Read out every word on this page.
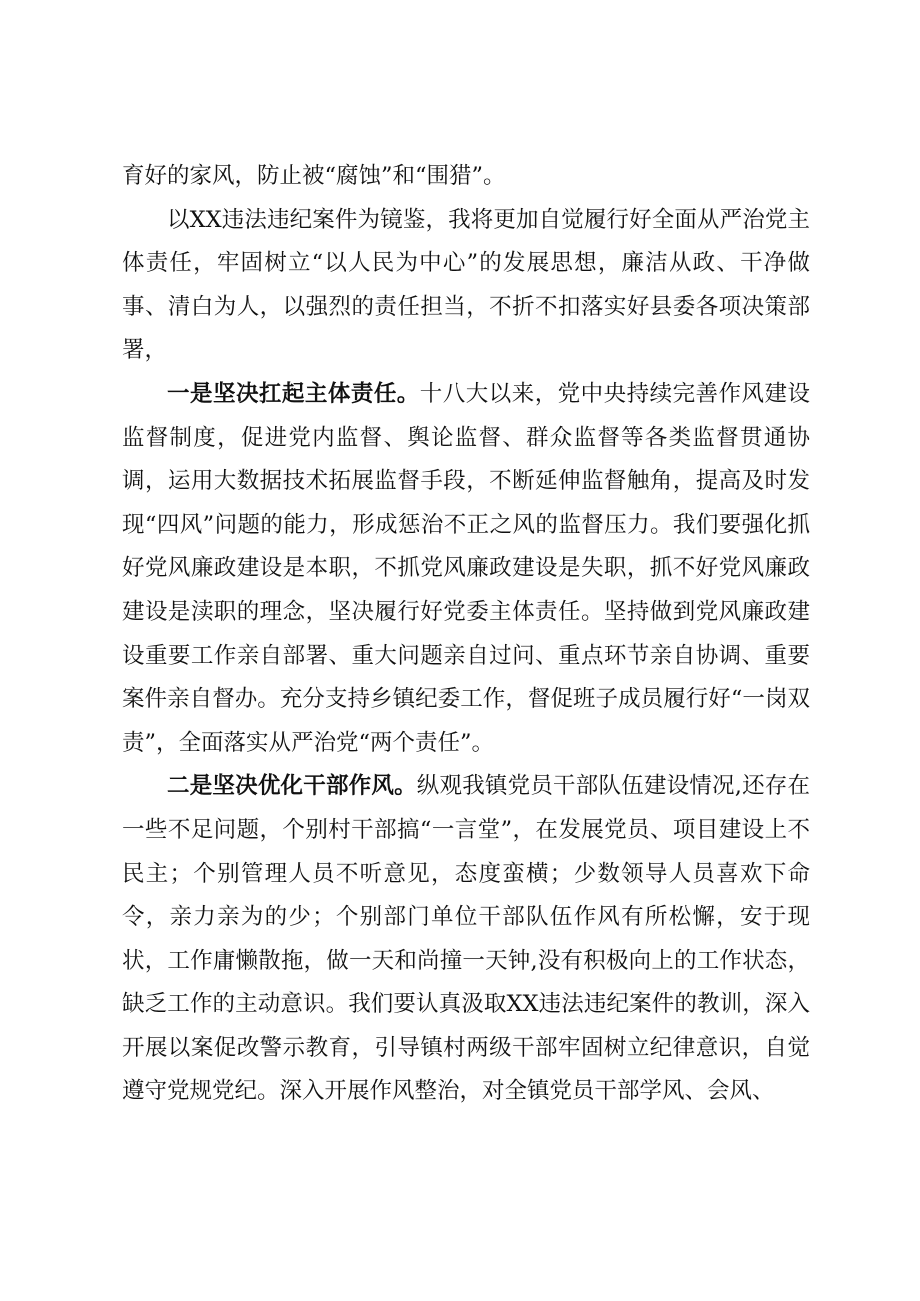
育好的家风，防止被“腐蚀”和“围猎”。

以XX违法违纪案件为镜鉴，我将更加自觉履行好全面从严治党主体责任，牢固树立“以人民为中心”的发展思想，廉洁从政、干净做事、清白为人，以强烈的责任担当，不折不扣落实好县委各项决策部署，

一是坚决扛起主体责任。十八大以来，党中央持续完善作风建设监督制度，促进党内监督、舆论监督、群众监督等各类监督贯通协调，运用大数据技术拓展监督手段，不断延伸监督触角，提高及时发现“四风”问题的能力，形成惩治不正之风的监督压力。我们要强化抓好党风廉政建设是本职，不抓党风廉政建设是失职，抓不好党风廉政建设是渎职的理念，坚决履行好党委主体责任。坚持做到党风廉政建设重要工作亲自部署、重大问题亲自过问、重点环节亲自协调、重要案件亲自督办。充分支持乡镇纪委工作，督促班子成员履行好“一岗双责”，全面落实从严治党“两个责任”。

二是坚决优化干部作风。纵观我镇党员干部队伍建设情况,还存在一些不足问题，个别村干部搞“一言堂”，在发展党员、项目建设上不民主；个别管理人员不听意见，态度蛮横；少数领导人员喜欢下命令，亲力亲为的少；个别部门单位干部队伍作风有所松懈，安于现状，工作庸懒散拖，做一天和尚撞一天钟,没有积极向上的工作状态，缺乏工作的主动意识。我们要认真汲取XX违法违纪案件的教训，深入开展以案促改警示教育，引导镇村两级干部牢固树立纪律意识，自觉遵守党规党纪。深入开展作风整治，对全镇党员干部学风、会风、
